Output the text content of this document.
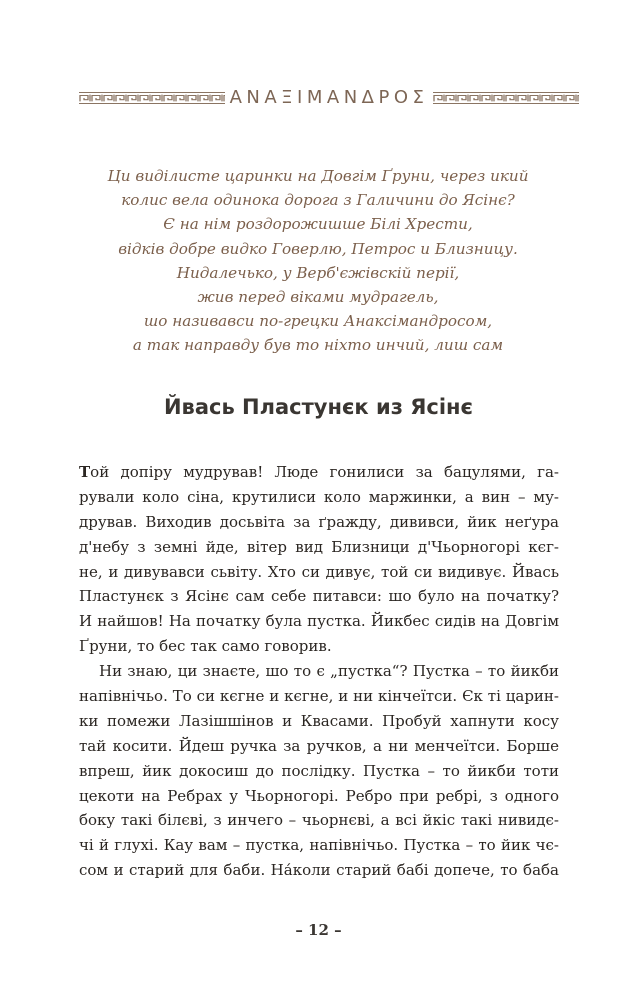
ΑΝΑΞΙΜΑΝΔΡΟΣ
Ци виділисте царинки на Довгім Ґруни, через икий
колис вела одинока дорога з Галичини до Ясінє?
Є на нім роздорожишше Білі Хрести,
відків добре видко Говерлю, Петрос и Близницу.
Нидалечько, у Верб'єжівскій перії,
жив перед віками мудрагель,
шо називавси по-грецки Анаксімандросом,
а так направду був то ніхто инчий, лиш сам
Йвась Пластунєк из Ясінє
Той допіру мудрував! Люде гонилиси за бацулями, га-
рували коло сіна, крутилиси коло маржинки, а вин – му-
дрував. Виходив досьвіта за ґражду, дививси, йик неґура
д'небу з земні йде, вітер вид Близници д'Чьорногорі кєг-
не, и дивувавси сьвіту. Хто си дивує, той си видивує. Йвась
Пластунєк з Ясінє сам себе питавси: шо було на початку?
И найшов! На початку була пустка. Йикбес сидів на Довгім
Ґруни, то бес так само говорив.
Ни знаю, ци знаєте, шо то є „пустка“? Пустка – то йикби
напівнічьо. То си кєгне и кєгне, и ни кінчеїтси. Єк ті царин-
ки помежи Лазішшінов и Квасами. Пробуй хапнути косу
тай косити. Йдеш ручка за ручков, а ни менчеїтси. Борше
впреш, йик докосиш до послідку. Пустка – то йикби тоти
цекоти на Ребрах у Чьорногорі. Ребро при ребрі, з одного
боку такі білєві, з инчего – чьорнєві, а всі йкіс такі нивидє-
чі й глухі. Кау вам – пустка, напівнічьо. Пустка – то йик чє-
сом и старий для баби. На́коли старий бабі допече, то баба
– 12 –
